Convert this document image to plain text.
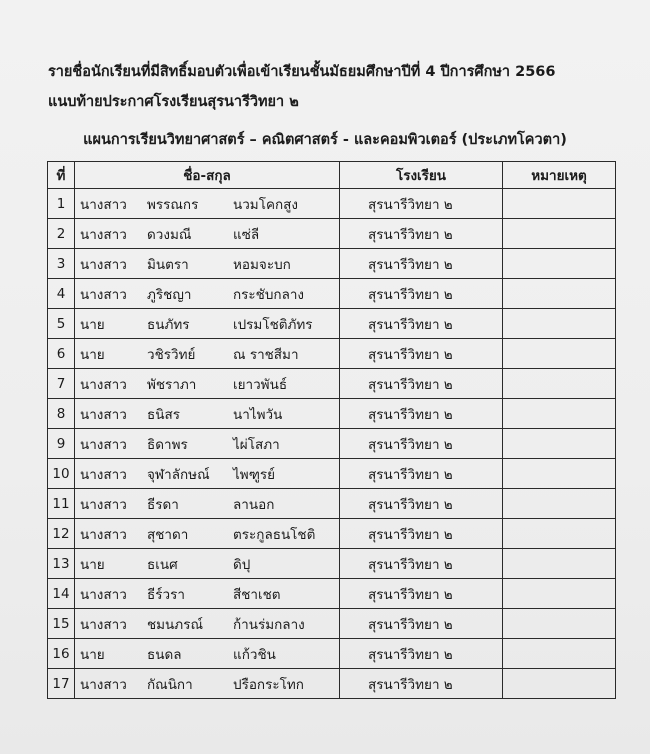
รายชื่อนักเรียนที่มีสิทธิ์มอบตัวเพื่อเข้าเรียนชั้นมัธยมศึกษาปีที่ 4 ปีการศึกษา 2566
แนบท้ายประกาศโรงเรียนสุรนารีวิทยา ๒
แผนการเรียนวิทยาศาสตร์ – คณิตศาสตร์ - และคอมพิวเตอร์ (ประเภทโควตา)
ที่	ชื่อ-สกุล	โรงเรียน	หมายเหตุ
1	นางสาว พรรณกร นวมโคกสูง	สุรนารีวิทยา ๒	
2	นางสาว ดวงมณี แซ่ลี	สุรนารีวิทยา ๒	
3	นางสาว มินตรา หอมจะบก	สุรนารีวิทยา ๒	
4	นางสาว ภูริชญา กระชับกลาง	สุรนารีวิทยา ๒	
5	นาย ธนภัทร เปรมโชติภัทร	สุรนารีวิทยา ๒	
6	นาย วชิรวิทย์ ณ ราชสีมา	สุรนารีวิทยา ๒	
7	นางสาว พัชราภา เยาวพันธ์	สุรนารีวิทยา ๒	
8	นางสาว ธนิสร นาไพวัน	สุรนารีวิทยา ๒	
9	นางสาว ธิดาพร ไผ่โสภา	สุรนารีวิทยา ๒	
10	นางสาว จุฬาลักษณ์ ไพฑูรย์	สุรนารีวิทยา ๒	
11	นางสาว ธีรดา ลานอก	สุรนารีวิทยา ๒	
12	นางสาว สุชาดา ตระกูลธนโชติ	สุรนารีวิทยา ๒	
13	นาย ธเนศ ดิปุ	สุรนารีวิทยา ๒	
14	นางสาว ธีร์วรา สีชาเชต	สุรนารีวิทยา ๒	
15	นางสาว ชมนภรณ์ ก้านร่มกลาง	สุรนารีวิทยา ๒	
16	นาย ธนดล แก้วชิน	สุรนารีวิทยา ๒	
17	นางสาว กัณนิกา ปรือกระโทก	สุรนารีวิทยา ๒	
